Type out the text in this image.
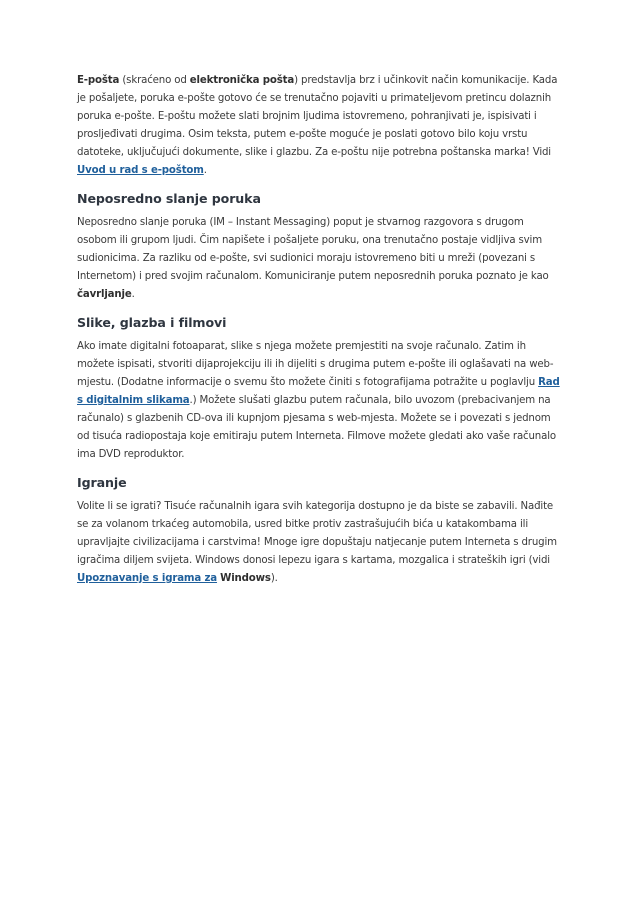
E-pošta (skraćeno od elektronička pošta) predstavlja brz i učinkovit način komunikacije. Kada je pošaljete, poruka e-pošte gotovo će se trenutačno pojaviti u primateljevom pretincu dolaznih poruka e-pošte. E-poštu možete slati brojnim ljudima istovremeno, pohranjivati je, ispisivati i prosljeđivati drugima. Osim teksta, putem e-pošte moguće je poslati gotovo bilo koju vrstu datoteke, uključujući dokumente, slike i glazbu. Za e-poštu nije potrebna poštanska marka! Vidi Uvod u rad s e-poštom.

Neposredno slanje poruka

Neposredno slanje poruka (IM – Instant Messaging) poput je stvarnog razgovora s drugom osobom ili grupom ljudi. Čim napišete i pošaljete poruku, ona trenutačno postaje vidljiva svim sudionicima. Za razliku od e-pošte, svi sudionici moraju istovremeno biti u mreži (povezani s Internetom) i pred svojim računalom. Komuniciranje putem neposrednih poruka poznato je kao čavrljanje.

Slike, glazba i filmovi

Ako imate digitalni fotoaparat, slike s njega možete premjestiti na svoje računalo. Zatim ih možete ispisati, stvoriti dijaprojekciju ili ih dijeliti s drugima putem e-pošte ili oglašavati na web-mjestu. (Dodatne informacije o svemu što možete činiti s fotografijama potražite u poglavlju Rad s digitalnim slikama.) Možete slušati glazbu putem računala, bilo uvozom (prebacivanjem na računalo) s glazbenih CD-ova ili kupnjom pjesama s web-mjesta. Možete se i povezati s jednom od tisuća radiopostaja koje emitiraju putem Interneta. Filmove možete gledati ako vaše računalo ima DVD reproduktor.

Igranje

Volite li se igrati? Tisuće računalnih igara svih kategorija dostupno je da biste se zabavili. Nađite se za volanom trkaćeg automobila, usred bitke protiv zastrašujućih bića u katakombama ili upravljajte civilizacijama i carstvima! Mnoge igre dopuštaju natjecanje putem Interneta s drugim igračima diljem svijeta. Windows donosi lepezu igara s kartama, mozgalica i strateških igri (vidi Upoznavanje s igrama za Windows).
